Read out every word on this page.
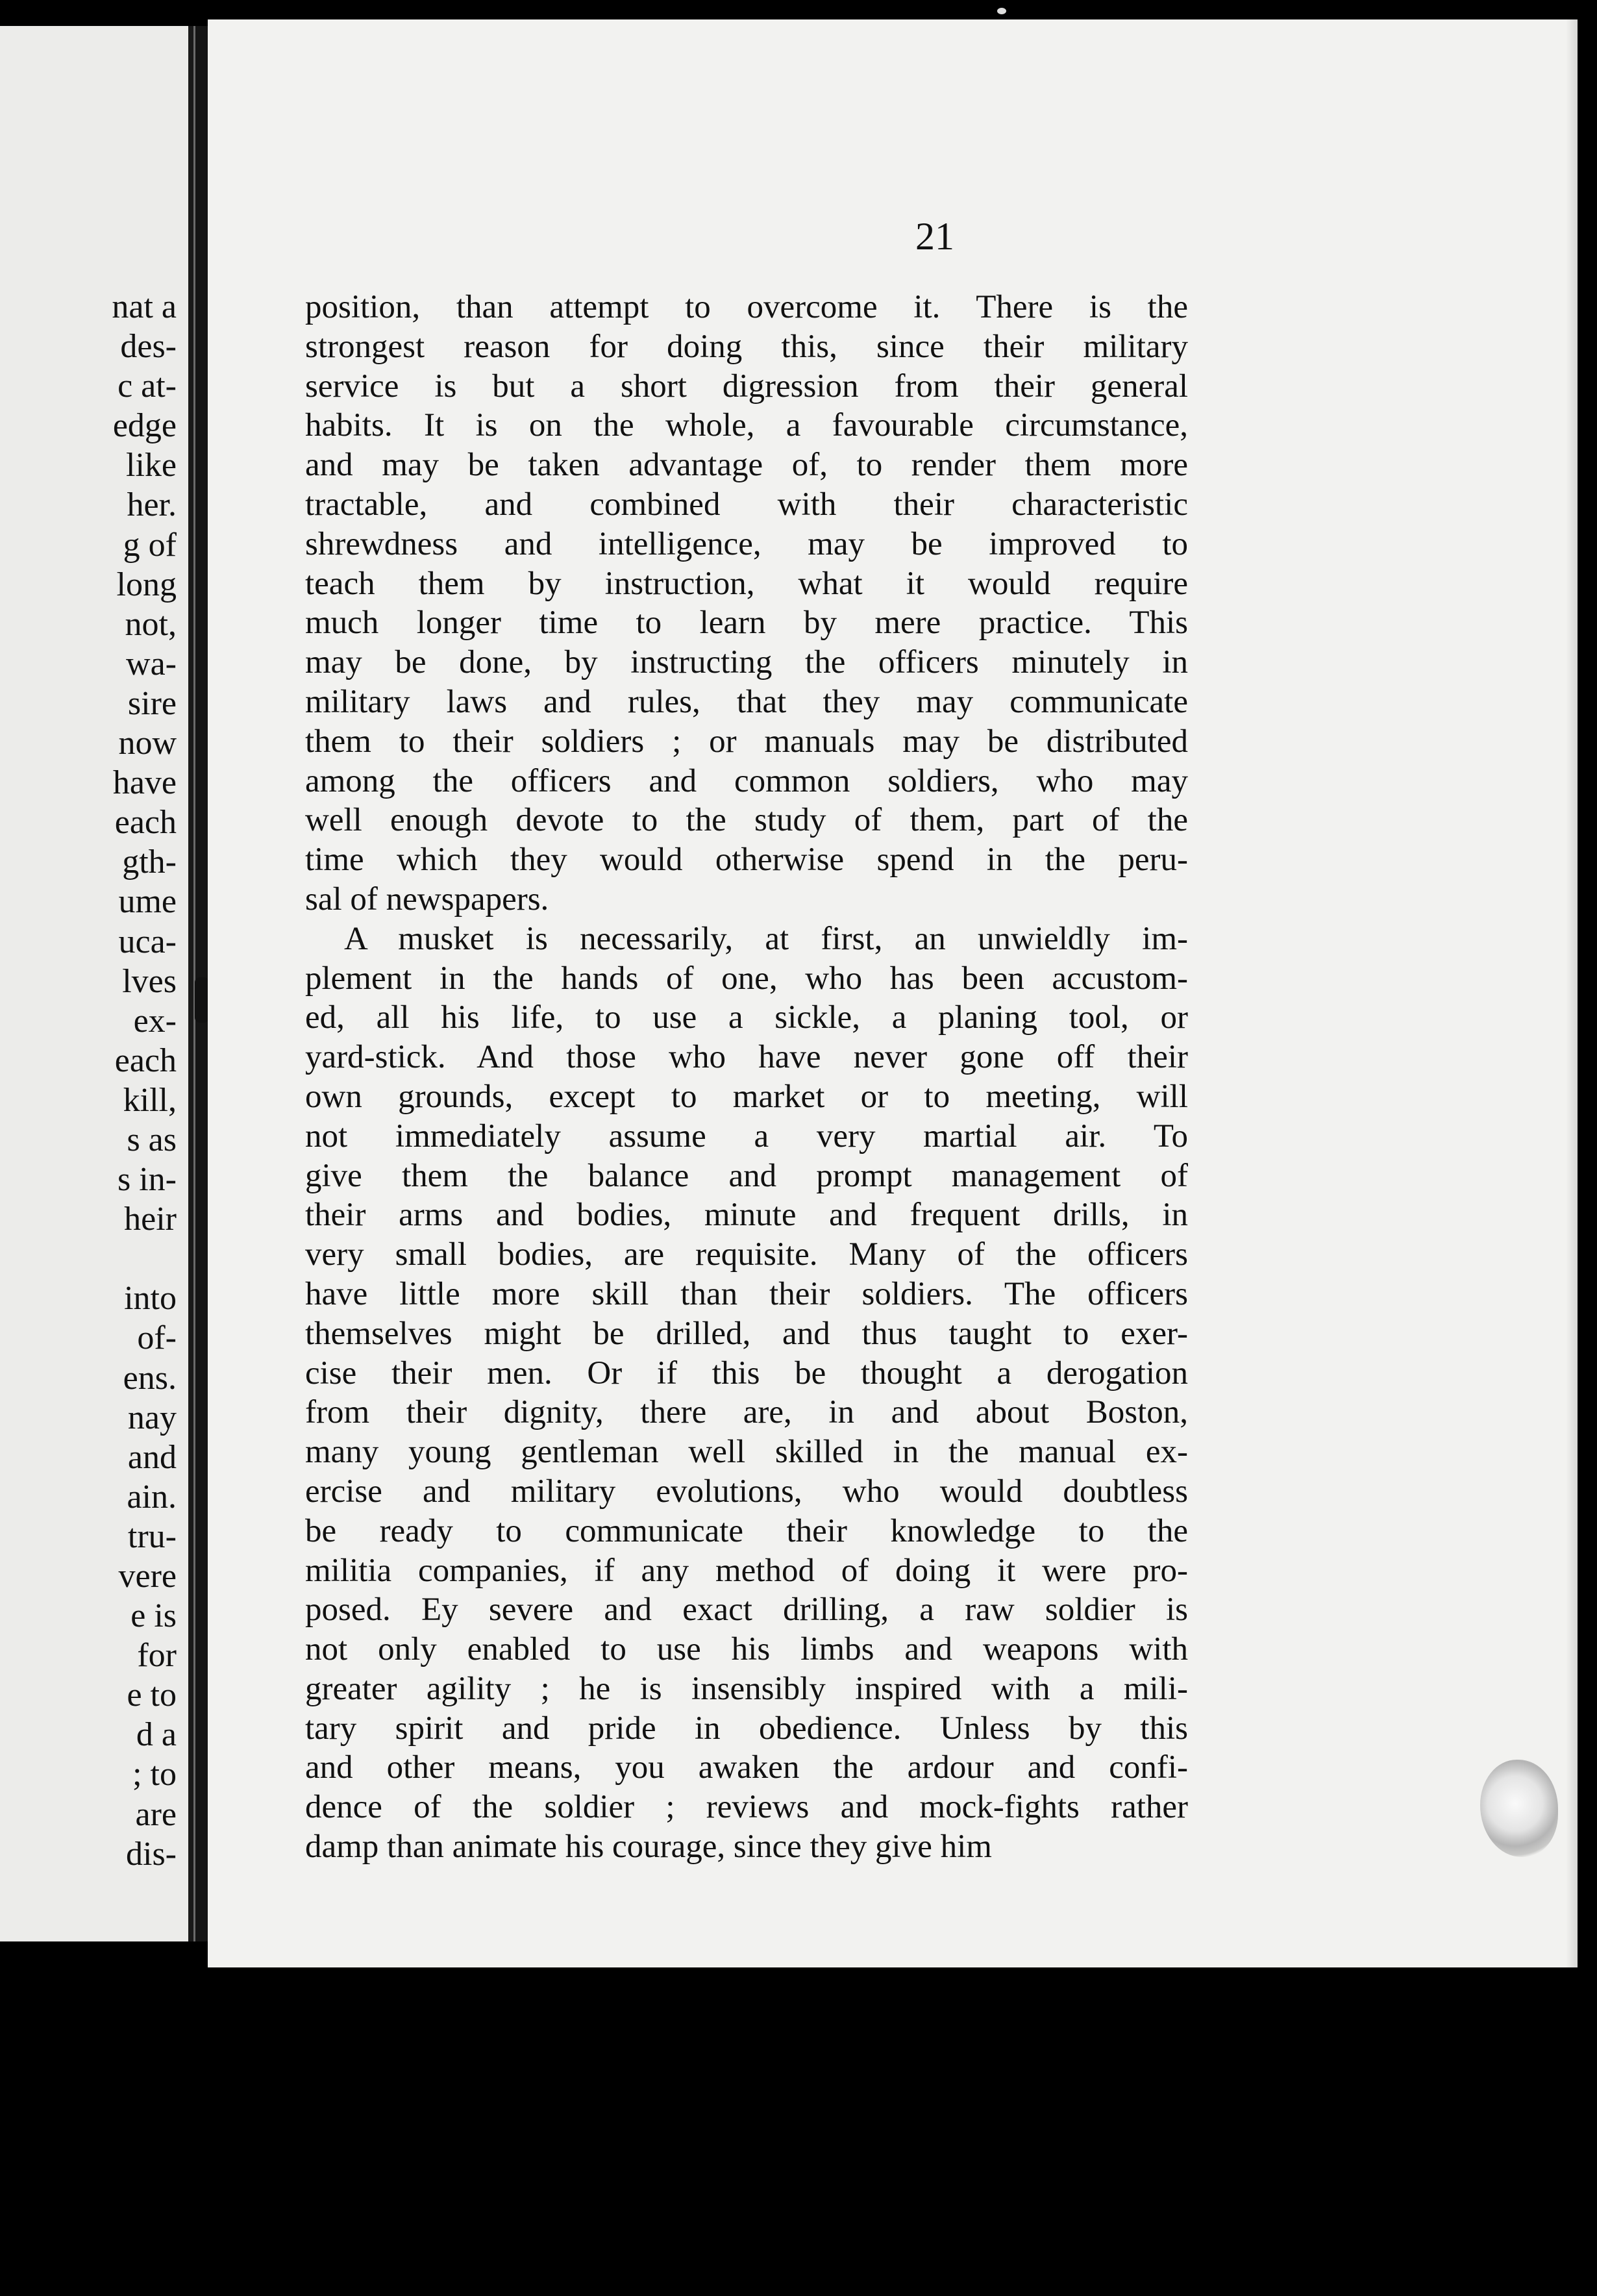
nat a
des-
c at-
edge
like
her.
g of
long
not,
wa-
sire
now
have
each
gth-
ume
uca-
lves
ex-
each
kill,
s as
s in-
heir
into
of-
ens.
nay
and
ain.
tru-
vere
e is
for
e to
d a
; to
are
dis-

21

position, than attempt to overcome it. There is the
strongest reason for doing this, since their military
service is but a short digression from their general
habits. It is on the whole, a favourable circumstance,
and may be taken advantage of, to render them more
tractable, and combined with their characteristic
shrewdness and intelligence, may be improved to
teach them by instruction, what it would require
much longer time to learn by mere practice. This
may be done, by instructing the officers minutely in
military laws and rules, that they may communicate
them to their soldiers ; or manuals may be distributed
among the officers and common soldiers, who may
well enough devote to the study of them, part of the
time which they would otherwise spend in the peru-
sal of newspapers.
A musket is necessarily, at first, an unwieldly im-
plement in the hands of one, who has been accustom-
ed, all his life, to use a sickle, a planing tool, or
yard-stick. And those who have never gone off their
own grounds, except to market or to meeting, will
not immediately assume a very martial air. To
give them the balance and prompt management of
their arms and bodies, minute and frequent drills, in
very small bodies, are requisite. Many of the officers
have little more skill than their soldiers. The officers
themselves might be drilled, and thus taught to exer-
cise their men. Or if this be thought a derogation
from their dignity, there are, in and about Boston,
many young gentleman well skilled in the manual ex-
ercise and military evolutions, who would doubtless
be ready to communicate their knowledge to the
militia companies, if any method of doing it were pro-
posed. Ey severe and exact drilling, a raw soldier is
not only enabled to use his limbs and weapons with
greater agility ; he is insensibly inspired with a mili-
tary spirit and pride in obedience. Unless by this
and other means, you awaken the ardour and confi-
dence of the soldier ; reviews and mock-fights rather
damp than animate his courage, since they give him
